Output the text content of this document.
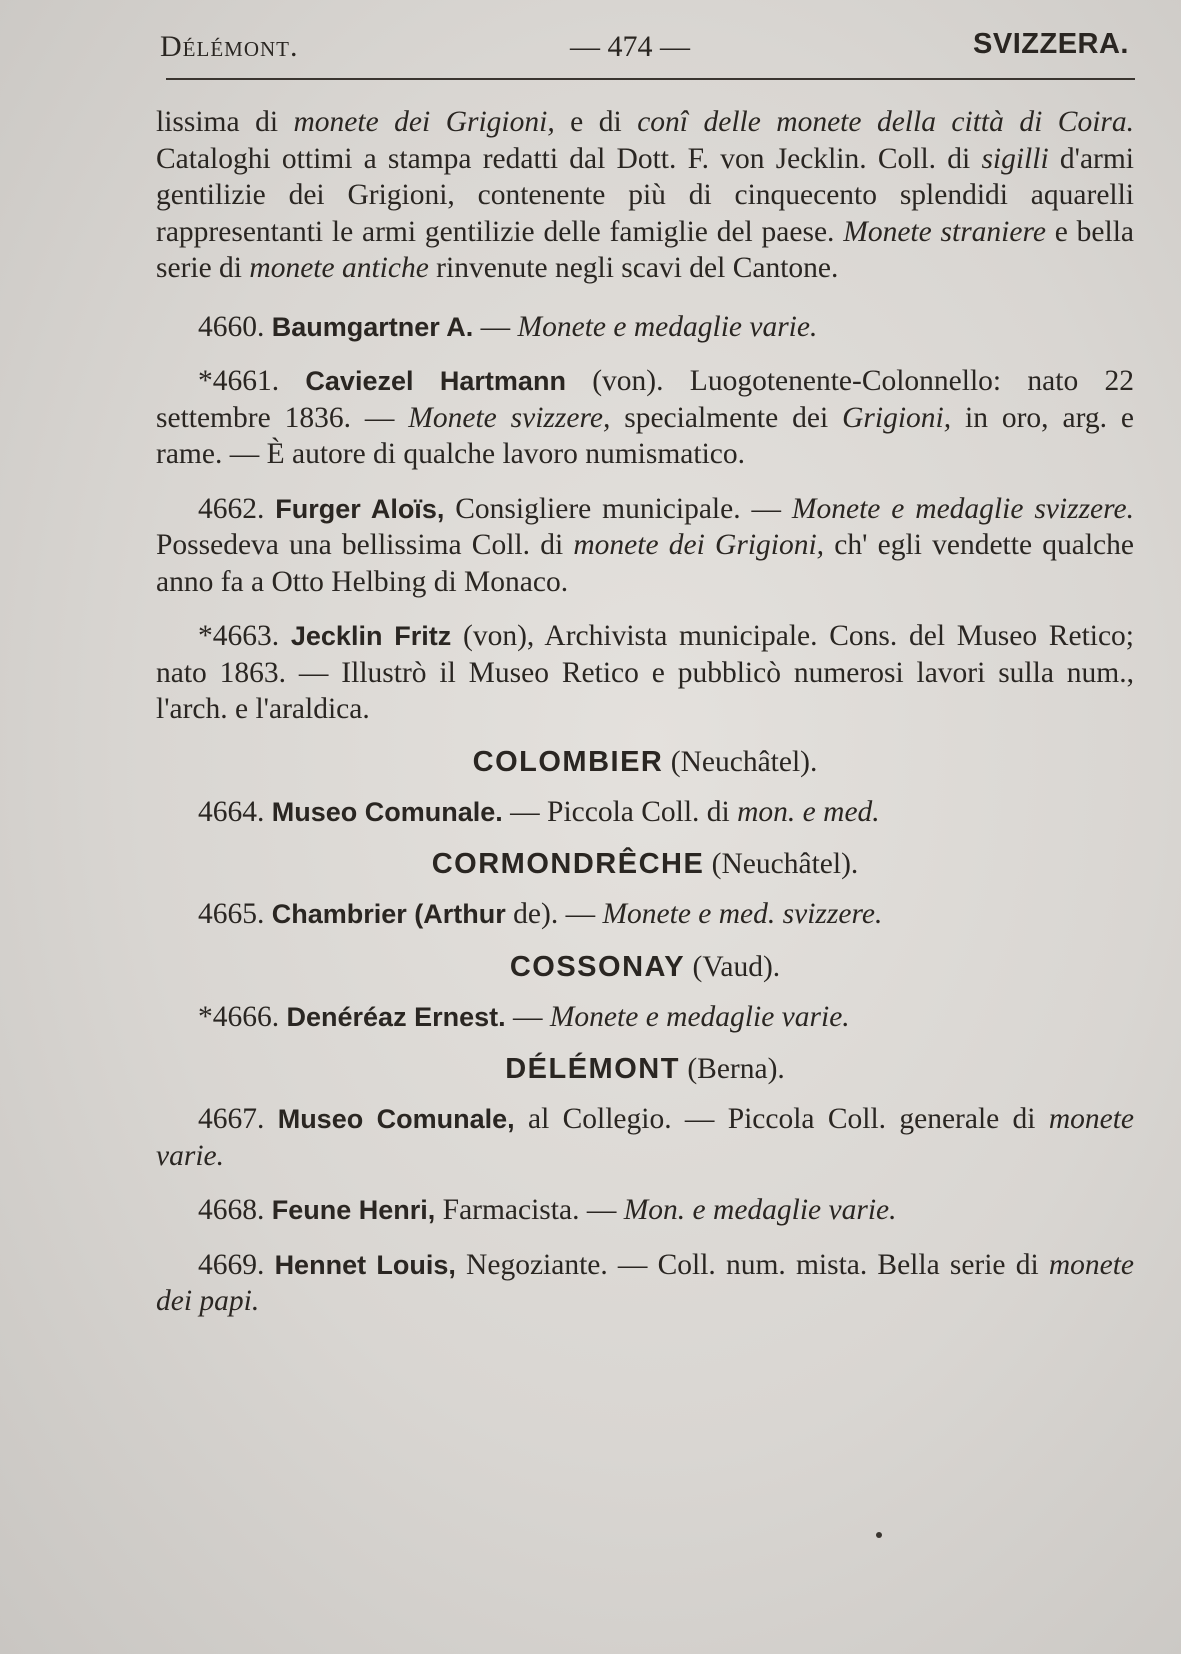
Délémont.	— 474 —	SVIZZERA.

lissima di monete dei Grigioni, e di conî delle monete della città di Coira. Cataloghi ottimi a stampa redatti dal Dott. F. von Jecklin. Coll. di sigilli d'armi gentilizie dei Grigioni, contenente più di cinquecento splendidi aquarelli rappresentanti le armi gentilizie delle famiglie del paese. Monete straniere e bella serie di monete antiche rinvenute negli scavi del Cantone.

4660. Baumgartner A. — Monete e medaglie varie.

*4661. Caviezel Hartmann (von). Luogotenente-Colonnello: nato 22 settembre 1836. — Monete svizzere, specialmente dei Grigioni, in oro, arg. e rame. — È autore di qualche lavoro numismatico.

4662. Furger Aloïs, Consigliere municipale. — Monete e medaglie svizzere. Possedeva una bellissima Coll. di monete dei Grigioni, ch' egli vendette qualche anno fa a Otto Helbing di Monaco.

*4663. Jecklin Fritz (von), Archivista municipale. Cons. del Museo Retico; nato 1863. — Illustrò il Museo Retico e pubblicò numerosi lavori sulla num., l'arch. e l'araldica.

COLOMBIER (Neuchâtel).

4664. Museo Comunale. — Piccola Coll. di mon. e med.

CORMONDRÊCHE (Neuchâtel).

4665. Chambrier (Arthur de). — Monete e med. svizzere.

COSSONAY (Vaud).

*4666. Denéréaz Ernest. — Monete e medaglie varie.

DÉLÉMONT (Berna).

4667. Museo Comunale, al Collegio. — Piccola Coll. generale di monete varie.

4668. Feune Henri, Farmacista. — Mon. e medaglie varie.

4669. Hennet Louis, Negoziante. — Coll. num. mista. Bella serie di monete dei papi.
